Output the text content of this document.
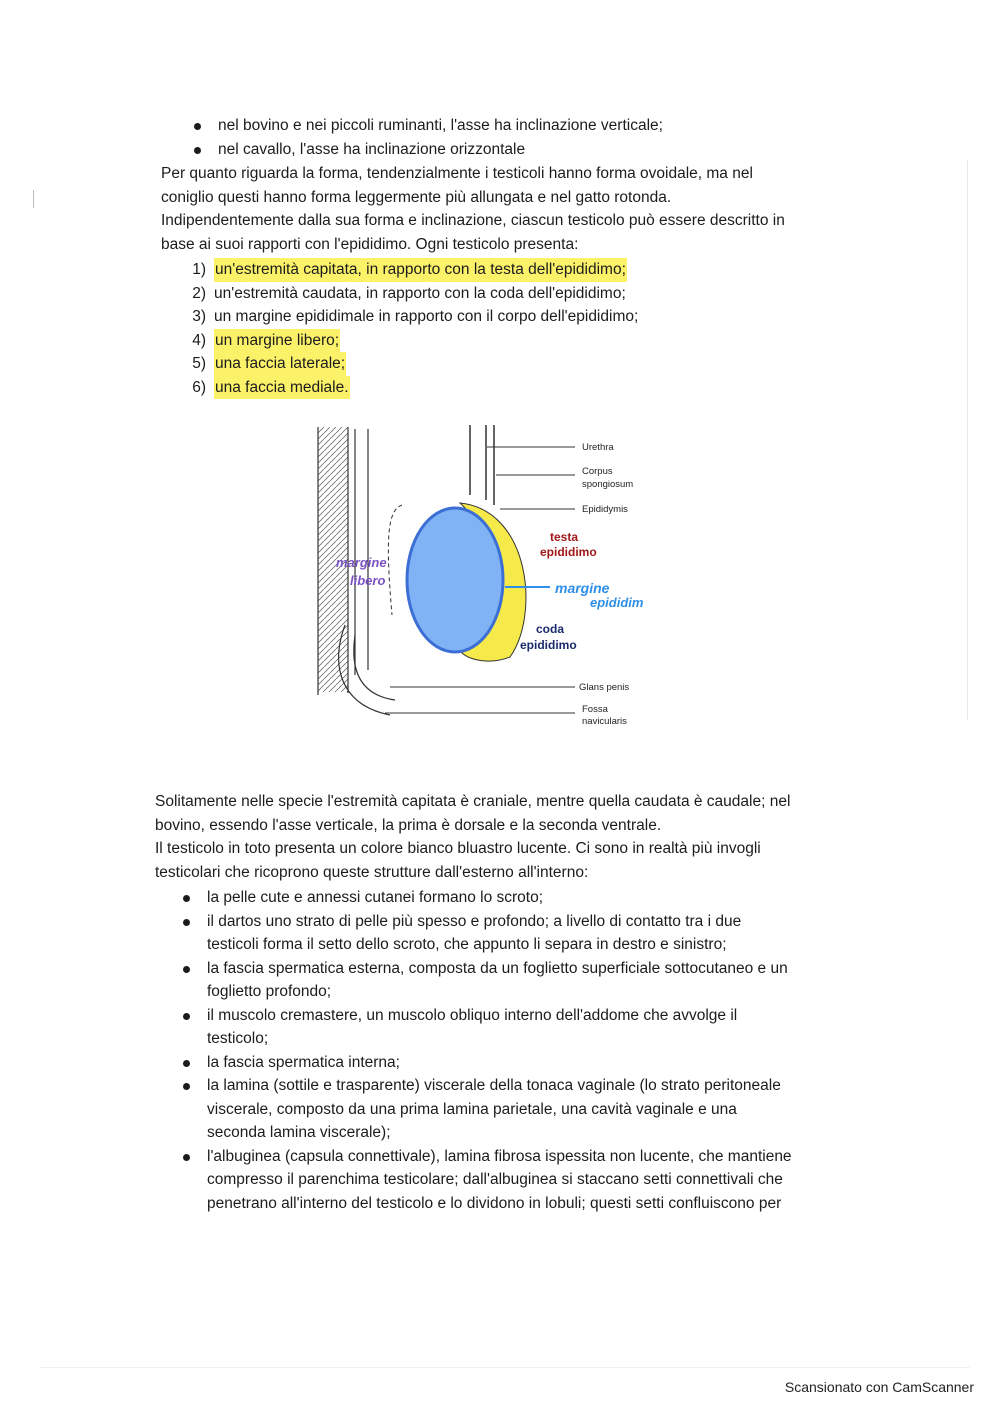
nel bovino e nei piccoli ruminanti, l'asse ha inclinazione verticale;
nel cavallo, l'asse ha inclinazione orizzontale
Per quanto riguarda la forma, tendenzialmente i testicoli hanno forma ovoidale, ma nel
coniglio questi hanno forma leggermente più allungata e nel gatto rotonda.
Indipendentemente dalla sua forma e inclinazione, ciascun testicolo può essere descritto in
base ai suoi rapporti con l'epididimo. Ogni testicolo presenta:
1) un'estremità capitata, in rapporto con la testa dell'epididimo;
2) un'estremità caudata, in rapporto con la coda dell'epididimo;
3) un margine epididimale in rapporto con il corpo dell'epididimo;
4) un margine libero;
5) una faccia laterale;
6) una faccia mediale.
Urethra
Corpus
spongiosum
Epididymis
Glans penis
Fossa
navicularis
testa
epididimo
margine
epididim
coda
epididimo
margine
libero
Solitamente nelle specie l'estremità capitata è craniale, mentre quella caudata è caudale; nel
bovino, essendo l'asse verticale, la prima è dorsale e la seconda ventrale.
Il testicolo in toto presenta un colore bianco bluastro lucente. Ci sono in realtà più invogli
testicolari che ricoprono queste strutture dall'esterno all'interno:
la pelle cute e annessi cutanei formano lo scroto;
il dartos uno strato di pelle più spesso e profondo; a livello di contatto tra i due
testicoli forma il setto dello scroto, che appunto li separa in destro e sinistro;
la fascia spermatica esterna, composta da un foglietto superficiale sottocutaneo e un
foglietto profondo;
il muscolo cremastere, un muscolo obliquo interno dell'addome che avvolge il
testicolo;
la fascia spermatica interna;
la lamina (sottile e trasparente) viscerale della tonaca vaginale (lo strato peritoneale
viscerale, composto da una prima lamina parietale, una cavità vaginale e una
seconda lamina viscerale);
l'albuginea (capsula connettivale), lamina fibrosa ispessita non lucente, che mantiene
compresso il parenchima testicolare; dall'albuginea si staccano setti connettivali che
penetrano all'interno del testicolo e lo dividono in lobuli; questi setti confluiscono per
Scansionato con CamScanner
